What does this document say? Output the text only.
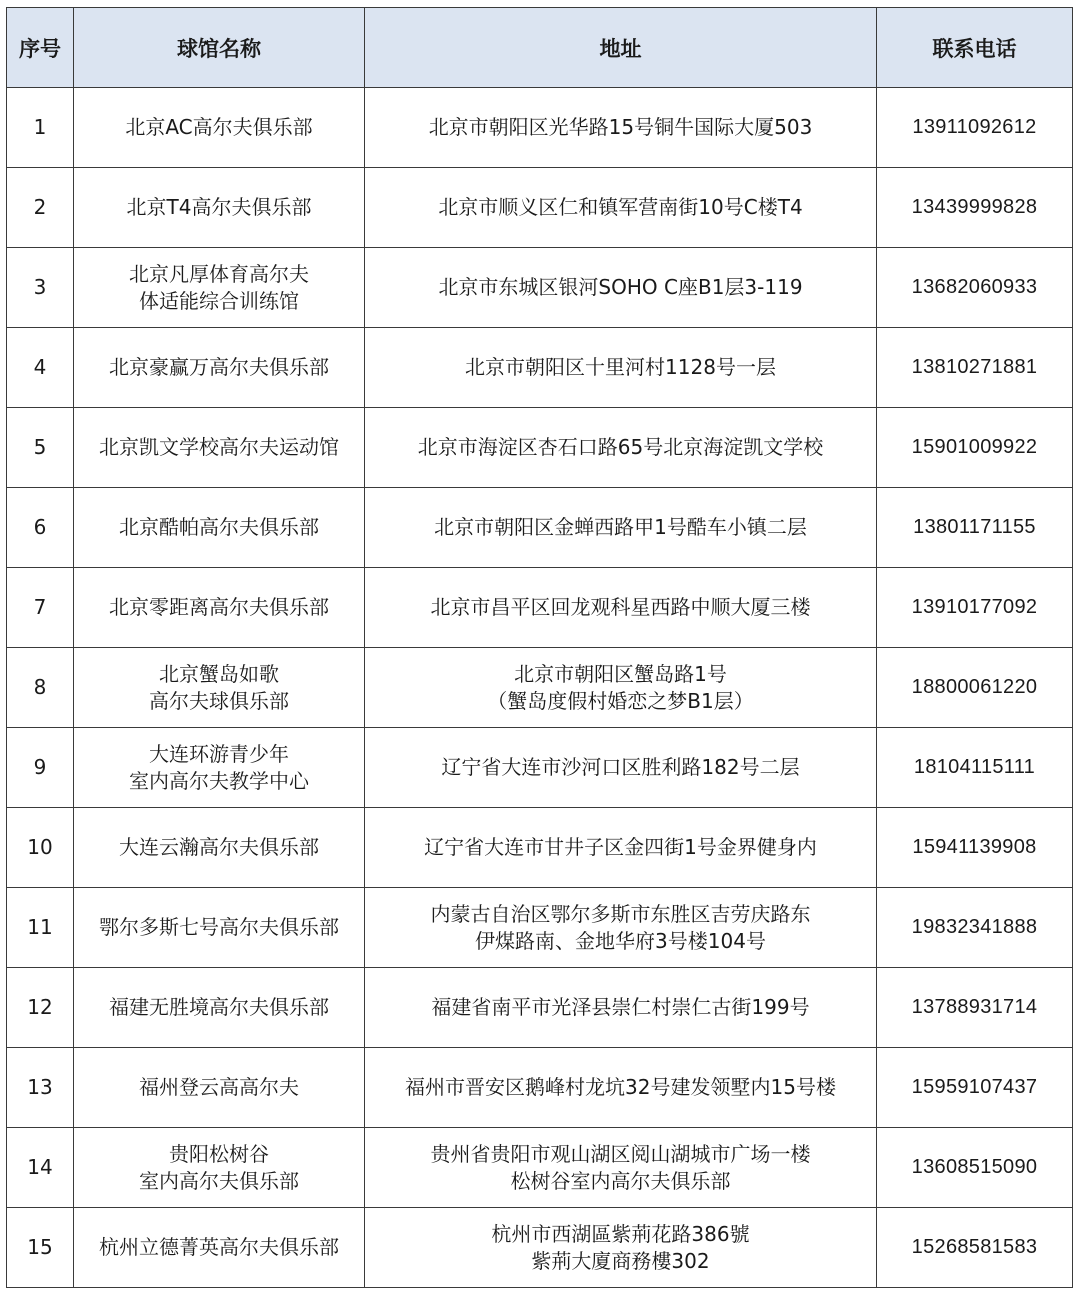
序号	球馆名称	地址	联系电话
1	北京AC高尔夫俱乐部	北京市朝阳区光华路15号铜牛国际大厦503	13911092612
2	北京T4高尔夫俱乐部	北京市顺义区仁和镇军营南街10号C楼T4	13439999828
3	北京凡厚体育高尔夫
体适能综合训练馆	北京市东城区银河SOHO C座B1层3-119	13682060933
4	北京豪赢万高尔夫俱乐部	北京市朝阳区十里河村1128号一层	13810271881
5	北京凯文学校高尔夫运动馆	北京市海淀区杏石口路65号北京海淀凯文学校	15901009922
6	北京酷帕高尔夫俱乐部	北京市朝阳区金蝉西路甲1号酷车小镇二层	13801171155
7	北京零距离高尔夫俱乐部	北京市昌平区回龙观科星西路中顺大厦三楼	13910177092
8	北京蟹岛如歌
高尔夫球俱乐部	北京市朝阳区蟹岛路1号
（蟹岛度假村婚恋之梦B1层）	18800061220
9	大连环游青少年
室内高尔夫教学中心	辽宁省大连市沙河口区胜利路182号二层	18104115111
10	大连云瀚高尔夫俱乐部	辽宁省大连市甘井子区金四街1号金界健身内	15941139908
11	鄂尔多斯七号高尔夫俱乐部	内蒙古自治区鄂尔多斯市东胜区吉劳庆路东
伊煤路南、金地华府3号楼104号	19832341888
12	福建无胜境高尔夫俱乐部	福建省南平市光泽县崇仁村崇仁古街199号	13788931714
13	福州登云高高尔夫	福州市晋安区鹅峰村龙坑32号建发领墅内15号楼	15959107437
14	贵阳松树谷
室内高尔夫俱乐部	贵州省贵阳市观山湖区阅山湖城市广场一楼
松树谷室内高尔夫俱乐部	13608515090
15	杭州立德菁英高尔夫俱乐部	杭州市西湖區紫荊花路386號
紫荊大廈商務樓302	15268581583
